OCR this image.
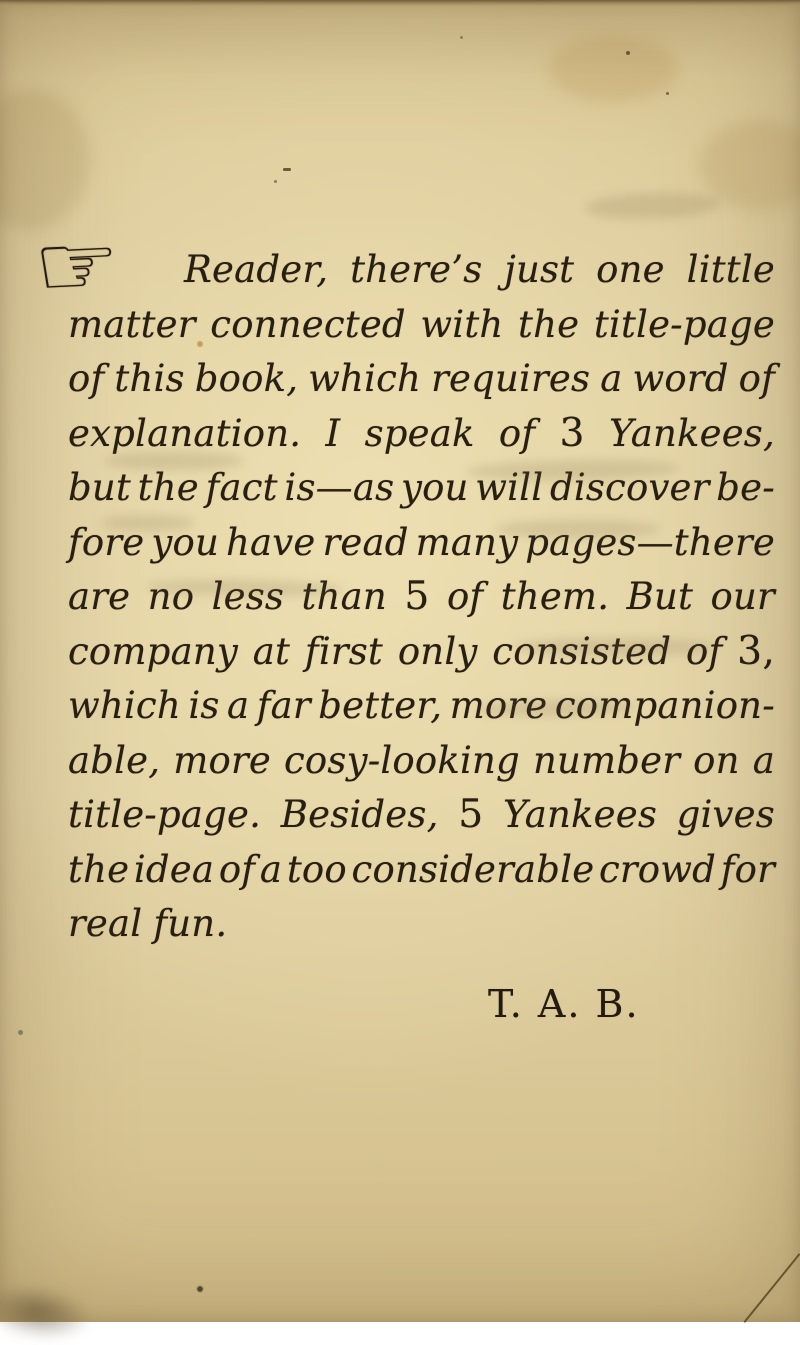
☞	Reader, there’s just one little
matter connected with the title-page
of this book, which requires a word of
explanation. I speak of 3 Yankees,
but the fact is—as you will discover be-
fore you have read many pages—there
are no less than 5 of them. But our
company at first only consisted of 3,
which is a far better, more companion-
able, more cosy-looking number on a
title-page. Besides, 5 Yankees gives
the idea of a too considerable crowd for
real fun.
T. A. B.
